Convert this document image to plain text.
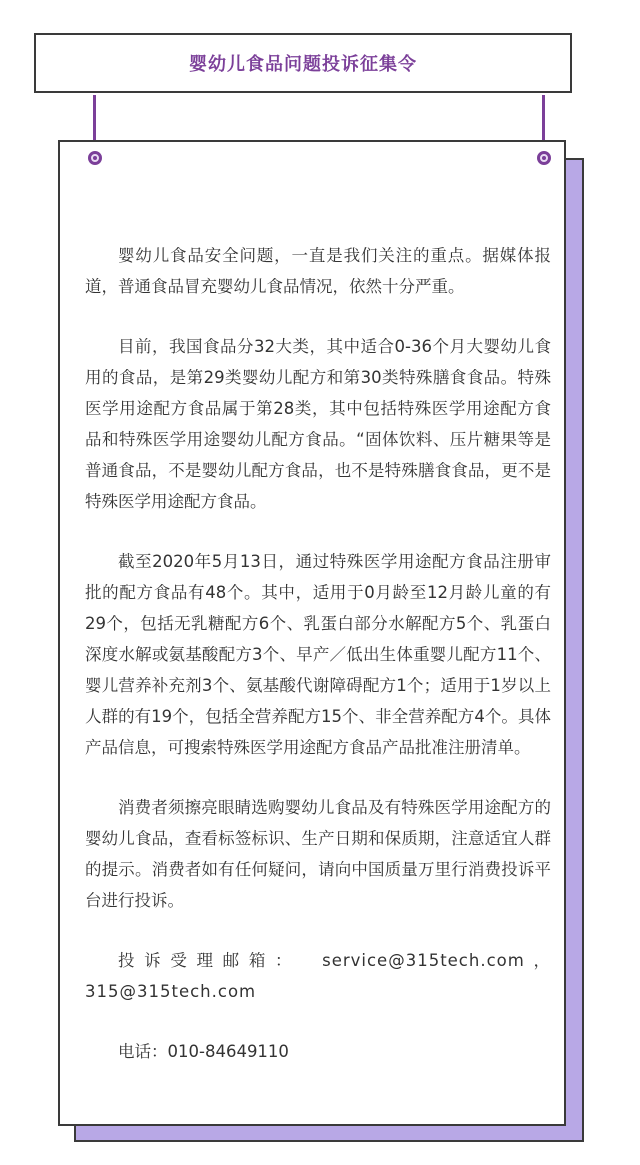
婴幼儿食品问题投诉征集令

婴幼儿食品安全问题，一直是我们关注的重点。据媒体报道，普通食品冒充婴幼儿食品情况，依然十分严重。

目前，我国食品分32大类，其中适合0-36个月大婴幼儿食用的食品，是第29类婴幼儿配方和第30类特殊膳食食品。特殊医学用途配方食品属于第28类，其中包括特殊医学用途配方食品和特殊医学用途婴幼儿配方食品。“固体饮料、压片糖果等是普通食品，不是婴幼儿配方食品，也不是特殊膳食食品，更不是特殊医学用途配方食品。

截至2020年5月13日，通过特殊医学用途配方食品注册审批的配方食品有48个。其中，适用于0月龄至12月龄儿童的有29个，包括无乳糖配方6个、乳蛋白部分水解配方5个、乳蛋白深度水解或氨基酸配方3个、早产／低出生体重婴儿配方11个、婴儿营养补充剂3个、氨基酸代谢障碍配方1个；适用于1岁以上人群的有19个，包括全营养配方15个、非全营养配方4个。具体产品信息，可搜索特殊医学用途配方食品产品批准注册清单。

消费者须擦亮眼睛选购婴幼儿食品及有特殊医学用途配方的婴幼儿食品，查看标签标识、生产日期和保质期，注意适宜人群的提示。消费者如有任何疑问，请向中国质量万里行消费投诉平台进行投诉。

投诉受理邮箱： service@315tech.com，315@315tech.com

电话：010-84649110
